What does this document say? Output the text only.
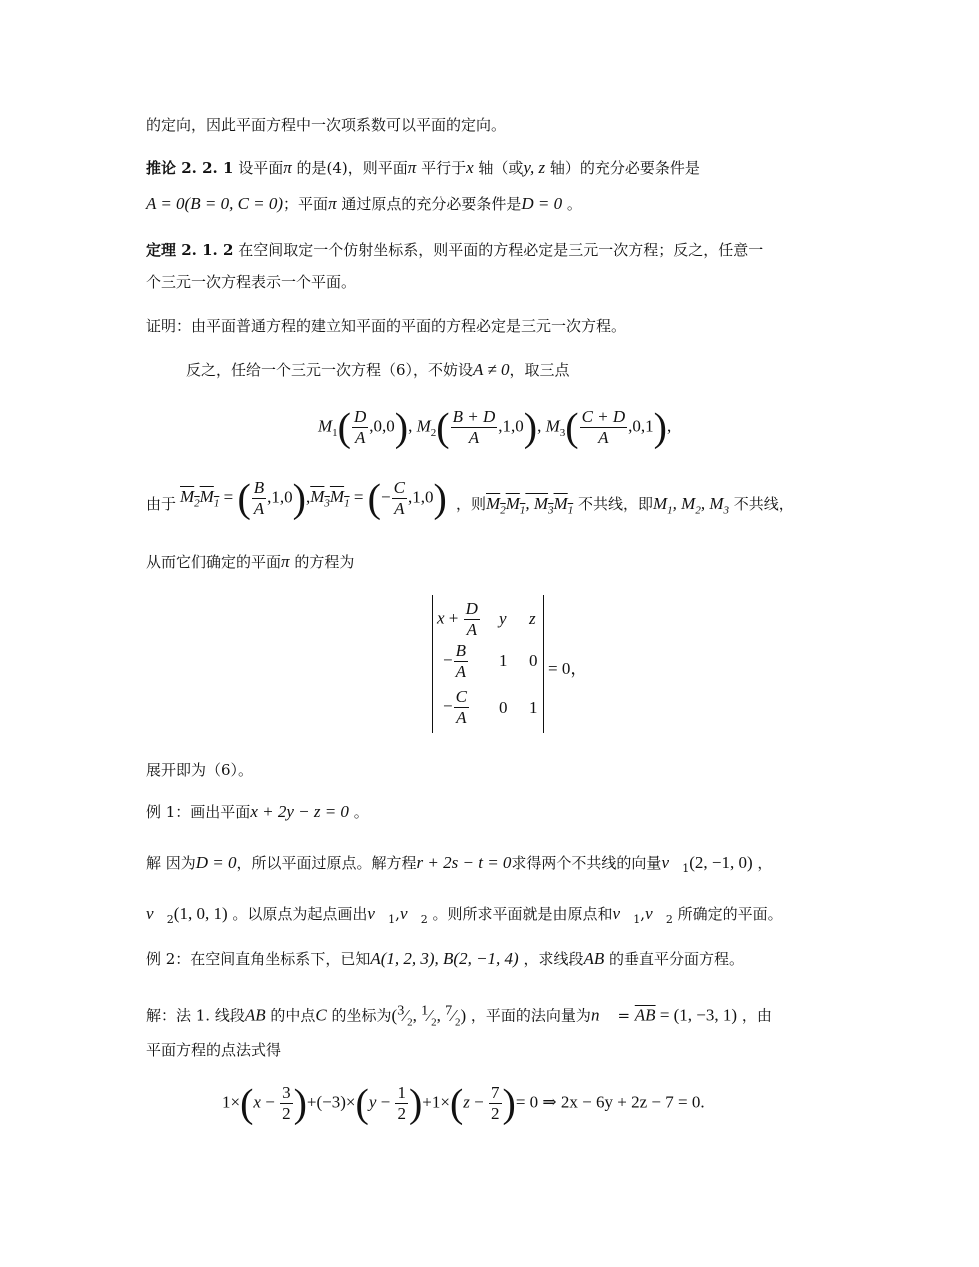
的定向，因此平面方程中一次项系数可以平面的定向。
推论 2. 2. 1 设平面π 的是(4)，则平面π 平行于x 轴（或y, z 轴）的充分必要条件是
A = 0(B = 0, C = 0)；平面π 通过原点的充分必要条件是D = 0 。
定理 2. 1. 2 在空间取定一个仿射坐标系，则平面的方程必定是三元一次方程；反之，任意一
个三元一次方程表示一个平面。
证明：由平面普通方程的建立知平面的平面的方程必定是三元一次方程。
反之，任给一个三元一次方程（6），不妨设A ≠ 0，取三点
$M_1( \frac{D}{A} ,0,0)$, $M_2( \frac{B + D}{A} ,1,0)$, $M_3( \frac{C + D}{A} ,0,1)$,
由于 $M_2M_1$ = ( $\frac{B}{A} ,1,0),M_3M_1$ = (− $\frac{C}{A} ,1,0$) ，则$M_2M_1$, $M_3M_1$ 不共线，即$M_1$, $M_2$, $M_3$ 不共线，
从而它们确定的平面π 的方程为
$x + \frac{D}{A}$ y z
− $\frac{B}{A} 1$ 0
− $\frac{C}{A} 0$ 1
= 0，
展开即为（6）。
例 1：画出平面x + 2y − z = 0 。
解 因为D = 0，所以平面过原点。解方程r + 2s − t = 0求得两个不共线的向量$v⃗_1(2$, −1, 0) ，
$v⃗_2(1$, 0, 1) 。以原点为起点画出$v⃗_1,v⃗_2$ 。则所求平面就是由原点和$v⃗_1,v⃗_2$ 所确定的平面。
例 2：在空间直角坐标系下，已知A(1, 2, 3), B(2, −1, 4) ，求线段AB 的垂直平分面方程。
解：法 1. 线段AB 的中点C 的坐标为($^3⁄_2$, $^1⁄_2$, $^7⁄_2$) ，平面的法向量为n⃗ = $\overline{AB} = (1$, −3, 1) ，由
平面方程的点法式得
$1\times(x - \frac{3}{2} )+(-3)\times(y - \frac{1}{2} )+1\times(z - \frac{7}{2}$ )= 0 ⇒ 2x − 6y + 2z − 7 = 0.
